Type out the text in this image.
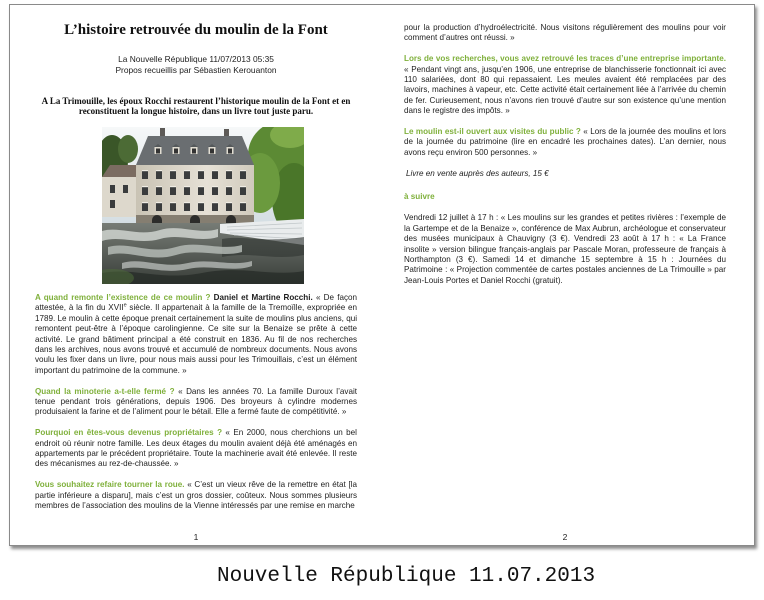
L’histoire retrouvée du moulin de la Font
La Nouvelle République 11/07/2013 05:35
Propos recueillis par Sébastien Kerouanton
A La Trimouille, les époux Rocchi restaurent l’historique moulin de la Font et en reconstituent la longue histoire, dans un livre tout juste paru.

A quand remonte l’existence de ce moulin ? Daniel et Martine Rocchi. « De façon attestée, à la fin du XVIIe siècle. Il appartenait à la famille de la Tremoïlle, expropriée en 1789. Le moulin à cette époque prenait certainement la suite de moulins plus anciens, qui remontent peut-être à l’époque carolingienne. Ce site sur la Benaize se prête à cette activité. Le grand bâtiment principal a été construit en 1836. Au fil de nos recherches dans les archives, nous avons trouvé et accumulé de nombreux documents. Nous avons voulu les fixer dans un livre, pour nous mais aussi pour les Trimouillais, c’est un élément important du patrimoine de la commune. »

Quand la minoterie a-t-elle fermé ? « Dans les années 70. La famille Duroux l’avait tenue pendant trois générations, depuis 1906. Des broyeurs à cylindre modernes produisaient la farine et de l’aliment pour le bétail. Elle a fermé faute de compétitivité. »

Pourquoi en êtes-vous devenus propriétaires ? « En 2000, nous cherchions un bel endroit où réunir notre famille. Les deux étages du moulin avaient déjà été aménagés en appartements par le précédent propriétaire. Toute la machinerie avait été enlevée. Il reste des mécanismes au rez-de-chaussée. »

Vous souhaitez refaire tourner la roue. « C’est un vieux rêve de la remettre en état [la partie inférieure a disparu], mais c’est un gros dossier, coûteux. Nous sommes plusieurs membres de l’association des moulins de la Vienne intéressés par une remise en marche

1

pour la production d’hydroélectricité. Nous visitons régulièrement des moulins pour voir comment d’autres ont réussi. »

Lors de vos recherches, vous avez retrouvé les traces d’une entreprise importante. « Pendant vingt ans, jusqu’en 1906, une entreprise de blanchisserie fonctionnait ici avec 110 salariées, dont 80 qui repassaient. Les meules avaient été remplacées par des lavoirs, machines à vapeur, etc. Cette activité était certainement liée à l’arrivée du chemin de fer. Curieusement, nous n’avons rien trouvé d’autre sur son existence qu’une mention dans le registre des impôts. »

Le moulin est-il ouvert aux visites du public ? « Lors de la journée des moulins et lors de la journée du patrimoine (lire en encadré les prochaines dates). L’an dernier, nous avons reçu environ 500 personnes. »

Livre en vente auprès des auteurs, 15 €

à suivre

Vendredi 12 juillet à 17 h : « Les moulins sur les grandes et petites rivières : l’exemple de la Gartempe et de la Benaize », conférence de Max Aubrun, archéologue et conservateur des musées municipaux à Chauvigny (3 €). Vendredi 23 août à 17 h : « La France insolite » version bilingue français-anglais par Pascale Moran, professeure de français à Northampton (3 €). Samedi 14 et dimanche 15 septembre à 15 h : Journées du Patrimoine : « Projection commentée de cartes postales anciennes de La Trimouille » par Jean-Louis Portes et Daniel Rocchi (gratuit).

2
Nouvelle République 11.07.2013
